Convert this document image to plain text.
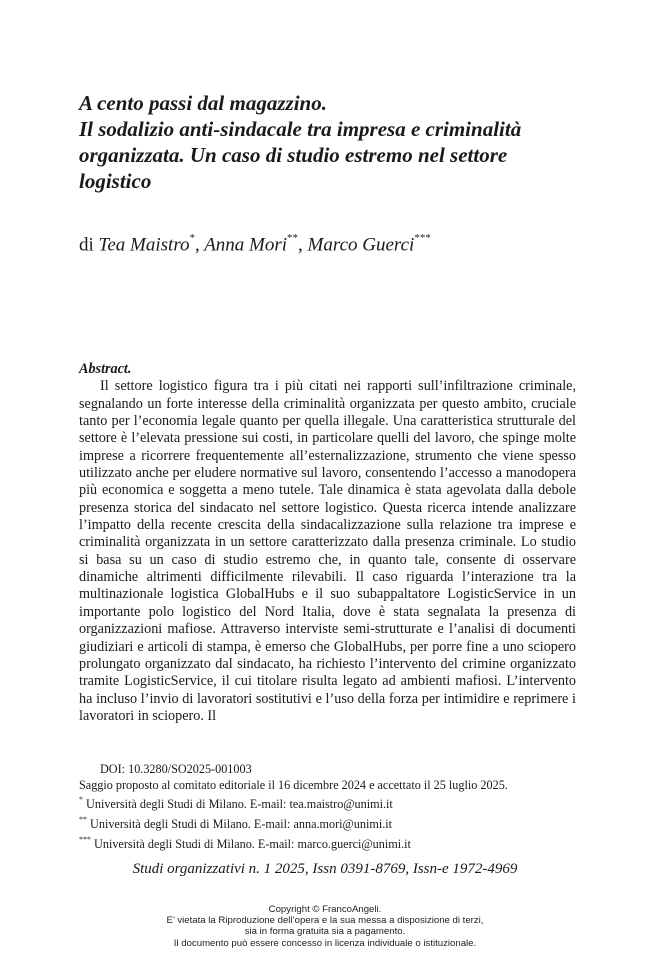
A cento passi dal magazzino.
Il sodalizio anti-sindacale tra impresa e criminalità
organizzata. Un caso di studio estremo nel settore
logistico
di Tea Maistro*, Anna Mori**, Marco Guerci***
Abstract.

Il settore logistico figura tra i più citati nei rapporti sull’infiltrazione criminale, segnalando un forte interesse della criminalità organizzata per questo ambito, cruciale tanto per l’economia legale quanto per quella illegale. Una caratteristica strutturale del settore è l’elevata pressione sui costi, in particolare quelli del lavoro, che spinge molte imprese a ricorrere frequentemente all’esternalizzazione, strumento che viene spesso utilizzato anche per eludere normative sul lavoro, consentendo l’accesso a manodopera più economica e soggetta a meno tutele. Tale dinamica è stata agevolata dalla debole presenza storica del sindacato nel settore logistico. Questa ricerca intende analizzare l’impatto della recente crescita della sindacalizzazione sulla relazione tra imprese e criminalità organizzata in un settore caratterizzato dalla presenza criminale. Lo studio si basa su un caso di studio estremo che, in quanto tale, consente di osservare dinamiche altrimenti difficilmente rilevabili. Il caso riguarda l’interazione tra la multinazionale logistica GlobalHubs e il suo subappaltatore LogisticService in un importante polo logistico del Nord Italia, dove è stata segnalata la presenza di organizzazioni mafiose. Attraverso interviste semi-strutturate e l’analisi di documenti giudiziari e articoli di stampa, è emerso che GlobalHubs, per porre fine a uno sciopero prolungato organizzato dal sindacato, ha richiesto l’intervento del crimine organizzato tramite LogisticService, il cui titolare risulta legato ad ambienti mafiosi. L’intervento ha incluso l’invio di lavoratori sostitutivi e l’uso della forza per intimidire e reprimere i lavoratori in sciopero. Il

DOI: 10.3280/SO2025-001003
Saggio proposto al comitato editoriale il 16 dicembre 2024 e accettato il 25 luglio 2025.
* Università degli Studi di Milano. E-mail: tea.maistro@unimi.it
** Università degli Studi di Milano. E-mail: anna.mori@unimi.it
*** Università degli Studi di Milano. E-mail: marco.guerci@unimi.it
Studi organizzativi n. 1 2025, Issn 0391-8769, Issn-e 1972-4969
Copyright © FrancoAngeli.
E’ vietata la Riproduzione dell’opera e la sua messa a disposizione di terzi,
sia in forma gratuita sia a pagamento.
Il documento può essere concesso in licenza individuale o istituzionale.
